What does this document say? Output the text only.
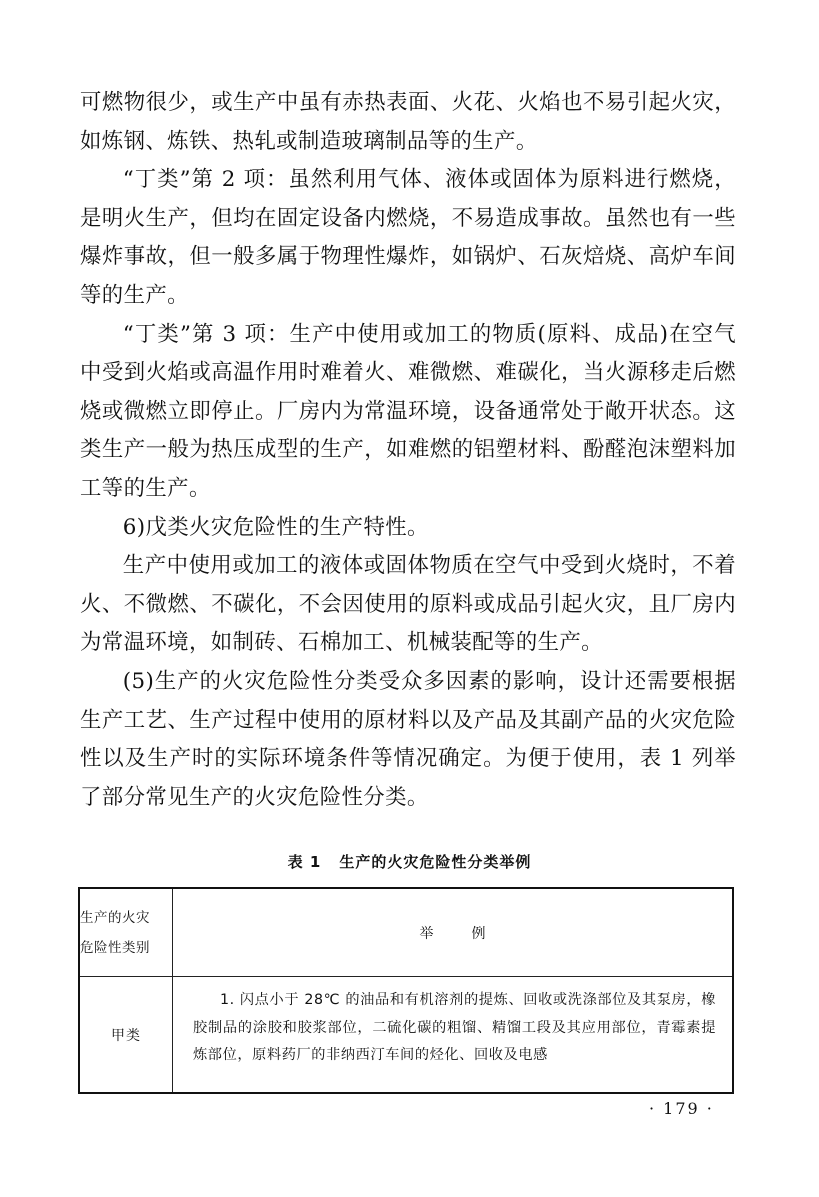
可燃物很少，或生产中虽有赤热表面、火花、火焰也不易引起火灾，如炼钢、炼铁、热轧或制造玻璃制品等的生产。

“丁类”第 2 项：虽然利用气体、液体或固体为原料进行燃烧，是明火生产，但均在固定设备内燃烧，不易造成事故。虽然也有一些爆炸事故，但一般多属于物理性爆炸，如锅炉、石灰焙烧、高炉车间等的生产。

“丁类”第 3 项：生产中使用或加工的物质(原料、成品)在空气中受到火焰或高温作用时难着火、难微燃、难碳化，当火源移走后燃烧或微燃立即停止。厂房内为常温环境，设备通常处于敞开状态。这类生产一般为热压成型的生产，如难燃的铝塑材料、酚醛泡沫塑料加工等的生产。

6)戊类火灾危险性的生产特性。

生产中使用或加工的液体或固体物质在空气中受到火烧时，不着火、不微燃、不碳化，不会因使用的原料或成品引起火灾，且厂房内为常温环境，如制砖、石棉加工、机械装配等的生产。

(5)生产的火灾危险性分类受众多因素的影响，设计还需要根据生产工艺、生产过程中使用的原材料以及产品及其副产品的火灾危险性以及生产时的实际环境条件等情况确定。为便于使用，表 1 列举了部分常见生产的火灾危险性分类。

表 1 生产的火灾危险性分类举例
生产的火灾
危险性类别	举 例
甲类	1. 闪点小于 28℃ 的油品和有机溶剂的提炼、回收或洗涤部位及其泵房，橡胶制品的涂胶和胶浆部位，二硫化碳的粗馏、精馏工段及其应用部位，青霉素提炼部位，原料药厂的非纳西汀车间的烃化、回收及电感
· 179 ·
